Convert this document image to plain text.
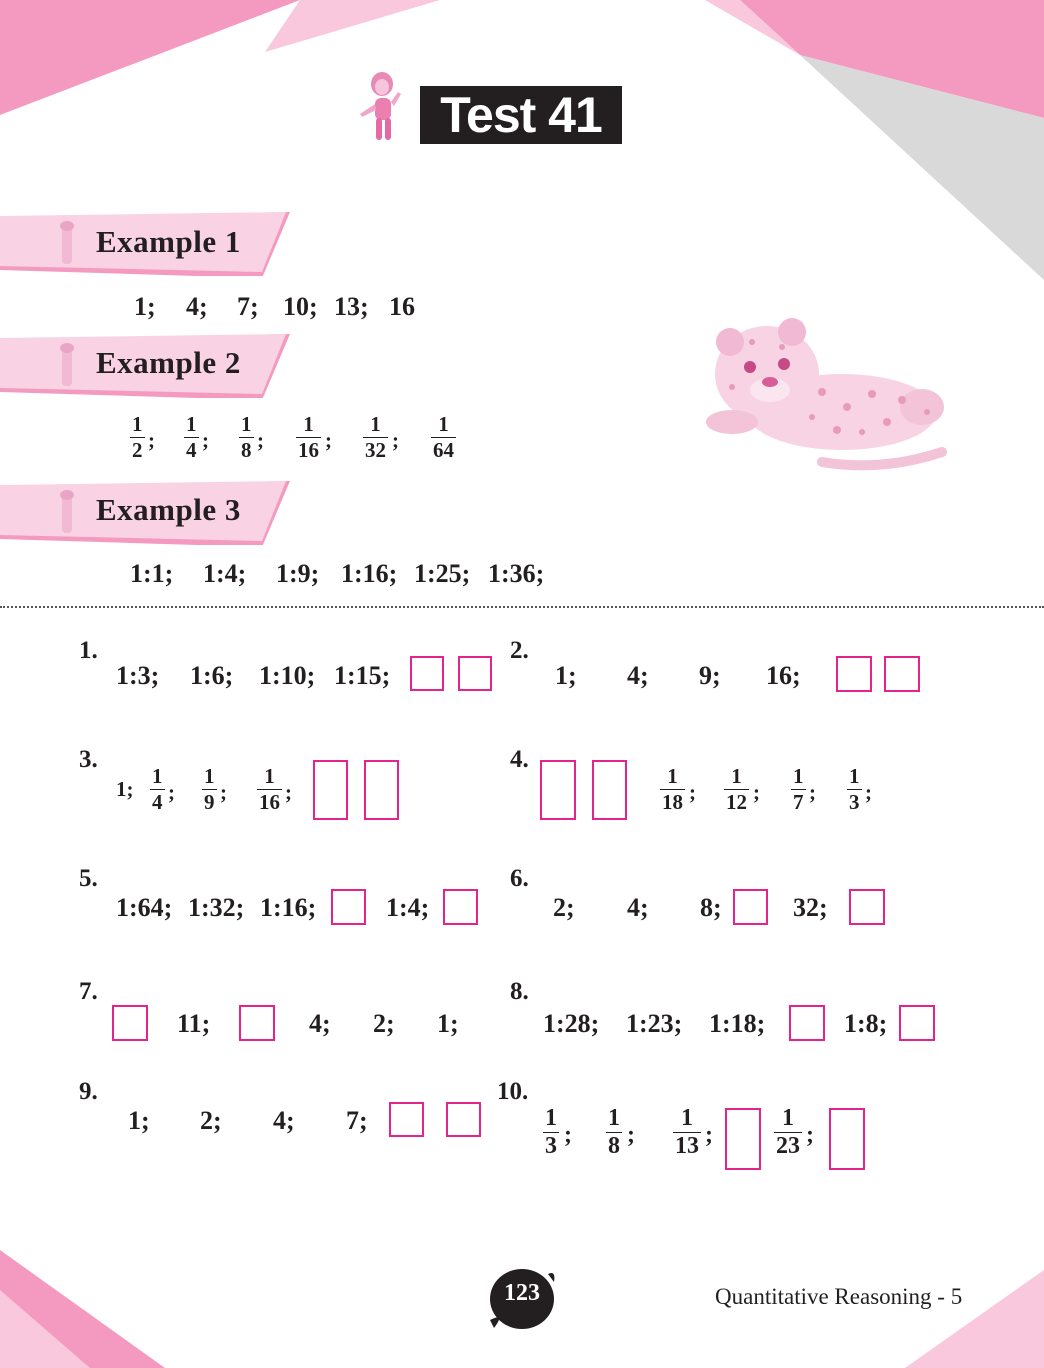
Test 41
Example 1
Example 2
Example 3
1; 4; 7; 10; 13; 16
$\frac{1}{2}$ ; $\frac{1}{4}$ ; $\frac{1}{8}$ ; $\frac{1}{16}$ ; $\frac{1}{32}$ ; $\frac{1}{64}$
1:1; 1:4; 1:9; 1:16; 1:25; 1:36;
1.
1:3; 1:6; 1:10; 1:15;
2.
1; 4; 9; 16;
3.
1; $\frac{1}{4}$ ; $\frac{1}{9}$ ; $\frac{1}{16}$ ;
4.
$\frac{1}{18}$ ; $\frac{1}{12}$ ; $\frac{1}{7}$ ; $\frac{1}{3}$ ;
5.
1:64; 1:32; 1:16;	1:4;
6.
2; 4; 8;	32;
7.
11;	4; 2; 1;
8.
1:28; 1:23; 1:18;	1:8;
9.
1; 2; 4; 7;
10.
$\frac{1}{3}$ ; $\frac{1}{8}$ ; $\frac{1}{13}$ ;	$\frac{1}{23}$ ;
123	Quantitative Reasoning - 5
